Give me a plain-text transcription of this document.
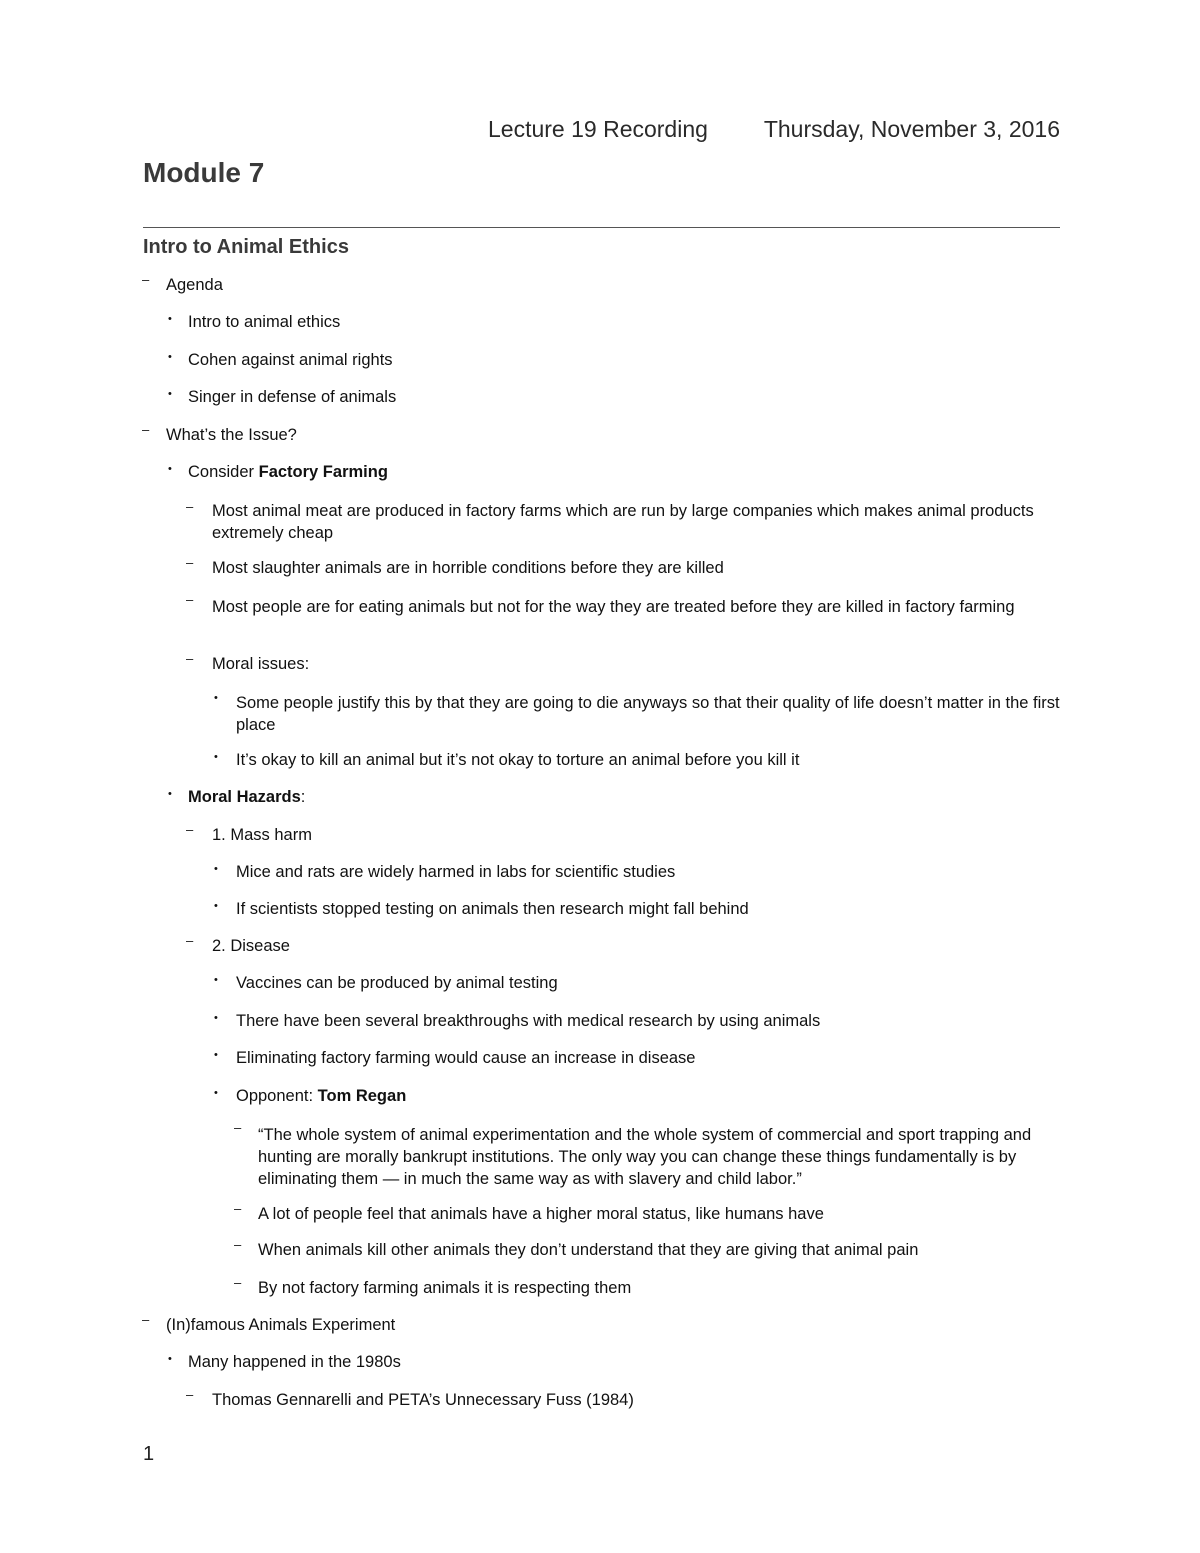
Lecture 19 Recording Thursday, November 3, 2016
Module 7
Intro to Animal Ethics
– Agenda
• Intro to animal ethics
• Cohen against animal rights
• Singer in defense of animals
– What’s the Issue?
• Consider Factory Farming
– Most animal meat are produced in factory farms which are run by large companies which makes animal products extremely cheap
– Most slaughter animals are in horrible conditions before they are killed
– Most people are for eating animals but not for the way they are treated before they are killed in factory farming
– Moral issues:
• Some people justify this by that they are going to die anyways so that their quality of life doesn’t matter in the first place
• It’s okay to kill an animal but it’s not okay to torture an animal before you kill it
• Moral Hazards:
– 1. Mass harm
• Mice and rats are widely harmed in labs for scientific studies
• If scientists stopped testing on animals then research might fall behind
– 2. Disease
• Vaccines can be produced by animal testing
• There have been several breakthroughs with medical research by using animals
• Eliminating factory farming would cause an increase in disease
• Opponent: Tom Regan
– “The whole system of animal experimentation and the whole system of commercial and sport trapping and hunting are morally bankrupt institutions. The only way you can change these things fundamentally is by eliminating them — in much the same way as with slavery and child labor.”
– A lot of people feel that animals have a higher moral status, like humans have
– When animals kill other animals they don’t understand that they are giving that animal pain
– By not factory farming animals it is respecting them
– (In)famous Animals Experiment
• Many happened in the 1980s
– Thomas Gennarelli and PETA’s Unnecessary Fuss (1984)
1
